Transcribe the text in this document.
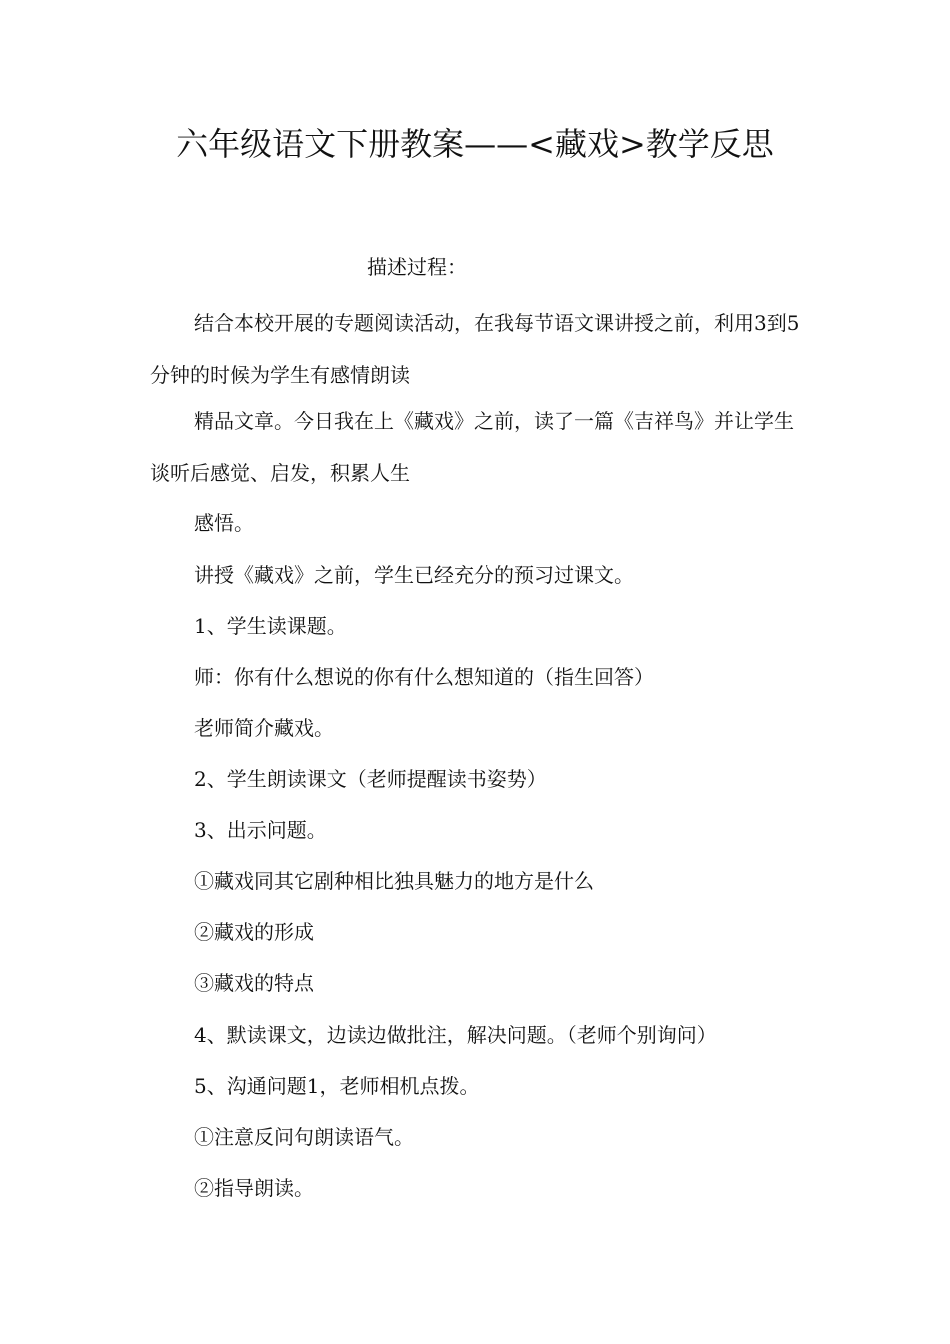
六年级语文下册教案——<藏戏>教学反思

描述过程：

结合本校开展的专题阅读活动，在我每节语文课讲授之前，利用3到5分钟的时候为学生有感情朗读

精品文章。今日我在上《藏戏》之前，读了一篇《吉祥鸟》并让学生谈听后感觉、启发，积累人生

感悟。

讲授《藏戏》之前，学生已经充分的预习过课文。

1、学生读课题。

师：你有什么想说的你有什么想知道的（指生回答）

老师简介藏戏。

2、学生朗读课文（老师提醒读书姿势）

3、出示问题。

①藏戏同其它剧种相比独具魅力的地方是什么

②藏戏的形成

③藏戏的特点

4、默读课文，边读边做批注，解决问题。（老师个别询问）

5、沟通问题1，老师相机点拨。

①注意反问句朗读语气。

②指导朗读。
